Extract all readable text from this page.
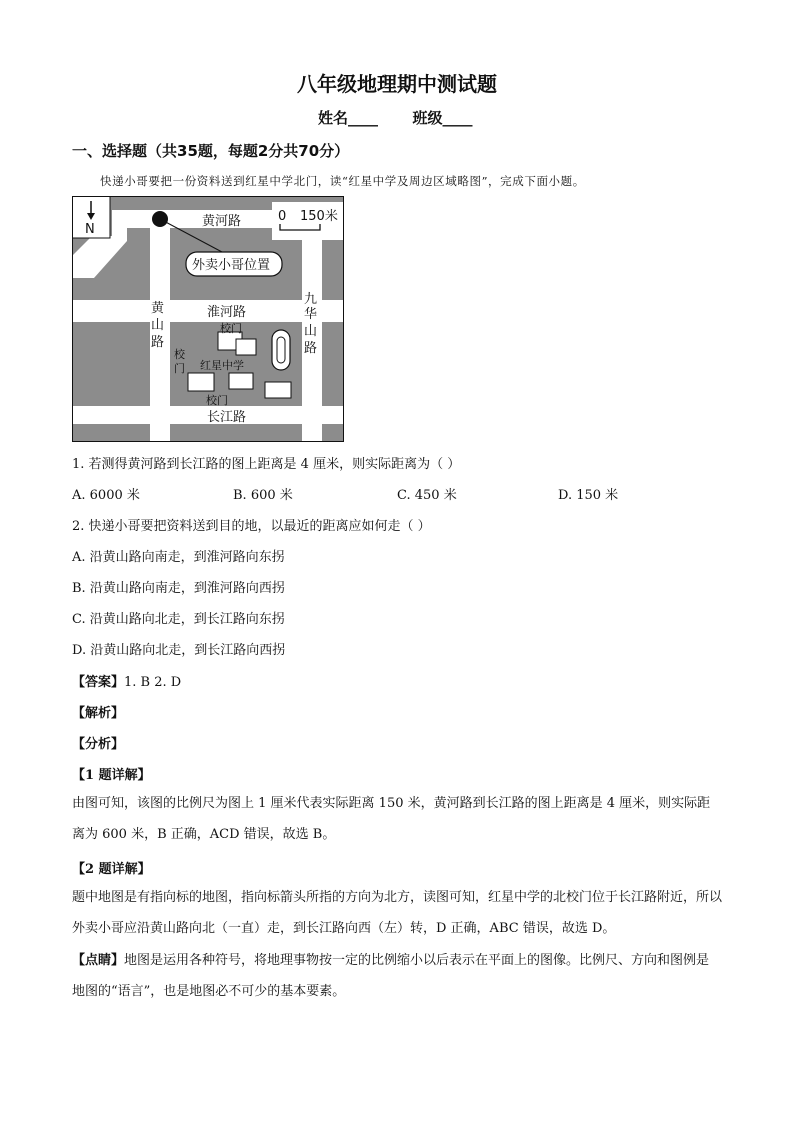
八年级地理期中测试题
姓名____ 班级____
一、选择题（共35题，每题2分共70分）
快递小哥要把一份资料送到红星中学北门，读“红星中学及周边区域略图”，完成下面小题。
N
0 150米
黄河路
外卖小哥位置
淮河路
黄
山
路
九
华
山
路
校门
校
门 红星中学
校门
长江路
1. 若测得黄河路到长江路的图上距离是 4 厘米，则实际距离为（ ）
A. 6000 米	B. 600 米	C. 450 米	D. 150 米
2. 快递小哥要把资料送到目的地，以最近的距离应如何走（ ）
A. 沿黄山路向南走，到淮河路向东拐
B. 沿黄山路向南走，到淮河路向西拐
C. 沿黄山路向北走，到长江路向东拐
D. 沿黄山路向北走，到长江路向西拐
【答案】1. B 2. D
【解析】
【分析】
【1 题详解】
由图可知，该图的比例尺为图上 1 厘米代表实际距离 150 米，黄河路到长江路的图上距离是 4 厘米，则实际距离为 600 米，B 正确，ACD 错误，故选 B。
【2 题详解】
题中地图是有指向标的地图，指向标箭头所指的方向为北方，读图可知，红星中学的北校门位于长江路附近，所以外卖小哥应沿黄山路向北（一直）走，到长江路向西（左）转，D 正确，ABC 错误，故选 D。
【点睛】地图是运用各种符号，将地理事物按一定的比例缩小以后表示在平面上的图像。比例尺、方向和图例是地图的“语言”，也是地图必不可少的基本要素。
